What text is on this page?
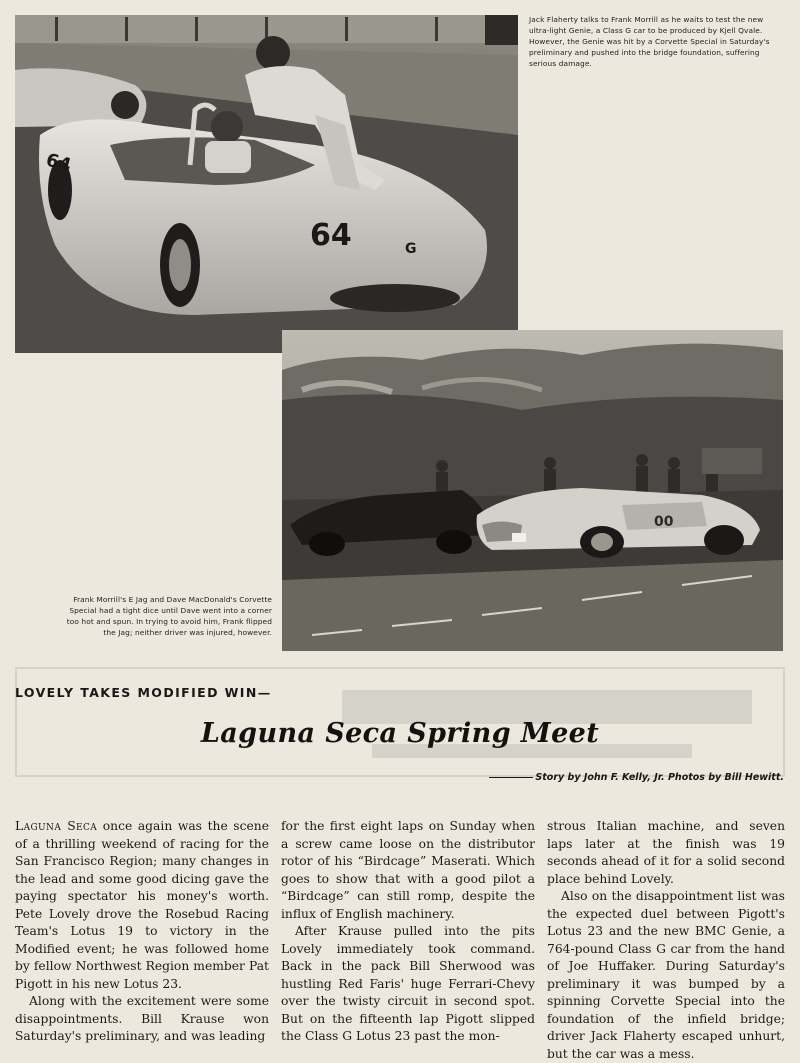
64	G
64

Jack Flaherty talks to Frank Morrill as he waits to test the new ultra-light Genie, a Class G car to be produced by Kjell Qvale. However, the Genie was hit by a Corvette Special in Saturday's preliminary and pushed into the bridge foundation, suffering serious damage.

00

Frank Morrill's E Jag and Dave MacDonald's Corvette Special had a tight dice until Dave went into a corner too hot and spun. In trying to avoid him, Frank flipped the Jag; neither driver was injured, however.

LOVELY TAKES MODIFIED WIN—

Laguna Seca Spring Meet
Story by John F. Kelly, Jr. Photos by Bill Hewitt.

Laguna Seca once again was the scene of a thrilling weekend of racing for the San Francisco Region; many changes in the lead and some good dicing gave the paying spectator his money's worth. Pete Lovely drove the Rosebud Racing Team's Lotus 19 to victory in the Modified event; he was followed home by fellow Northwest Region member Pat Pigott in his new Lotus 23.

Along with the excitement were some disappointments. Bill Krause won Saturday's preliminary, and was leading

for the first eight laps on Sunday when a screw came loose on the distributor rotor of his “Birdcage” Maserati. Which goes to show that with a good pilot a “Birdcage” can still romp, despite the influx of English machinery.

After Krause pulled into the pits Lovely immediately took command. Back in the pack Bill Sherwood was hustling Red Faris' huge Ferrari-Chevy over the twisty circuit in second spot. But on the fifteenth lap Pigott slipped the Class G Lotus 23 past the mon-

strous Italian machine, and seven laps later at the finish was 19 seconds ahead of it for a solid second place behind Lovely.

Also on the disappointment list was the expected duel between Pigott's Lotus 23 and the new BMC Genie, a 764-pound Class G car from the hand of Joe Huffaker. During Saturday's preliminary it was bumped by a spinning Corvette Special into the foundation of the infield bridge; driver Jack Flaherty escaped unhurt, but the car was a mess.
